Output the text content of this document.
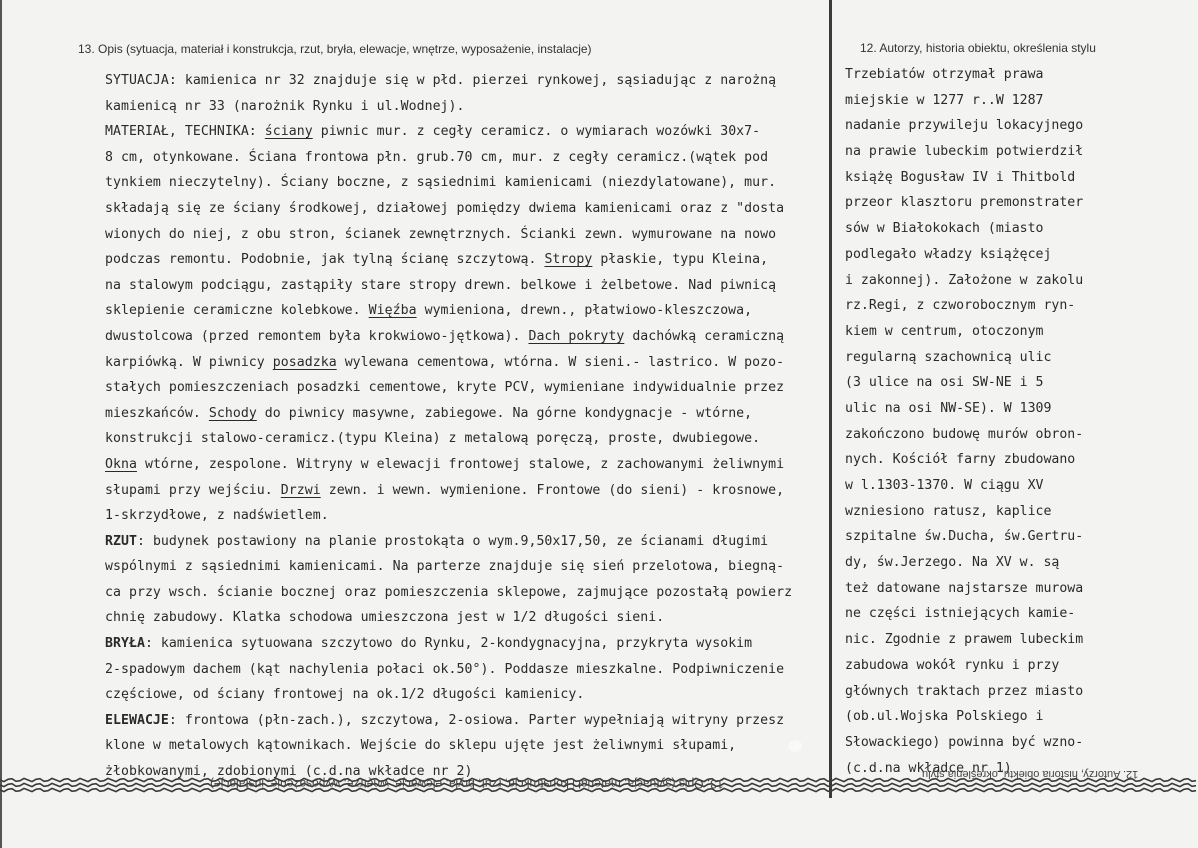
13. Opis (sytuacja, materiał i konstrukcja, rzut, bryła, elewacje, wnętrze, wyposażenie, instalacje)	12. Autorzy, historia obiektu, określenia stylu
SYTUACJA: kamienica nr 32 znajduje się w płd. pierzei rynkowej, sąsiadując z narożną
kamienicą nr 33 (narożnik Rynku i ul.Wodnej).
MATERIAŁ, TECHNIKA: ściany piwnic mur. z cegły ceramicz. o wymiarach wozówki 30x7-
8 cm, otynkowane. Ściana frontowa płn. grub.70 cm, mur. z cegły ceramicz.(wątek pod
tynkiem nieczytelny). Ściany boczne, z sąsiednimi kamienicami (niezdylatowane), mur.
składają się ze ściany środkowej, działowej pomiędzy dwiema kamienicami oraz z "dosta
wionych do niej, z obu stron, ścianek zewnętrznych. Ścianki zewn. wymurowane na nowo
podczas remontu. Podobnie, jak tylną ścianę szczytową. Stropy płaskie, typu Kleina,
na stalowym podciągu, zastąpiły stare stropy drewn. belkowe i żelbetowe. Nad piwnicą
sklepienie ceramiczne kolebkowe. Więźba wymieniona, drewn., płatwiowo-kleszczowa,
dwustolcowa (przed remontem była krokwiowo-jętkowa). Dach pokryty dachówką ceramiczną
karpiówką. W piwnicy posadzka wylewana cementowa, wtórna. W sieni.- lastrico. W pozo-
stałych pomieszczeniach posadzki cementowe, kryte PCV, wymieniane indywidualnie przez
mieszkańców. Schody do piwnicy masywne, zabiegowe. Na górne kondygnacje - wtórne,
konstrukcji stalowo-ceramicz.(typu Kleina) z metalową poręczą, proste, dwubiegowe.
Okna wtórne, zespolone. Witryny w elewacji frontowej stalowe, z zachowanymi żeliwnymi
słupami przy wejściu. Drzwi zewn. i wewn. wymienione. Frontowe (do sieni) - krosnowe,
1-skrzydłowe, z nadświetlem.
RZUT: budynek postawiony na planie prostokąta o wym.9,50x17,50, ze ścianami długimi
wspólnymi z sąsiednimi kamienicami. Na parterze znajduje się sień przelotowa, biegną-
ca przy wsch. ścianie bocznej oraz pomieszczenia sklepowe, zajmujące pozostałą powierz
chnię zabudowy. Klatka schodowa umieszczona jest w 1/2 długości sieni.
BRYŁA: kamienica sytuowana szczytowo do Rynku, 2-kondygnacyjna, przykryta wysokim
2-spadowym dachem (kąt nachylenia połaci ok.50°). Poddasze mieszkalne. Podpiwniczenie
częściowe, od ściany frontowej na ok.1/2 długości kamienicy.
ELEWACJE: frontowa (płn-zach.), szczytowa, 2-osiowa. Parter wypełniają witryny przesz
klone w metalowych kątownikach. Wejście do sklepu ujęte jest żeliwnymi słupami,
żłobkowanymi, zdobionymi (c.d.na wkładce nr 2)
Trzebiatów otrzymał prawa
miejskie w 1277 r..W 1287
nadanie przywileju lokacyjnego
na prawie lubeckim potwierdził
książę Bogusław IV i Thitbold
przeor klasztoru premonstrater
sów w Białokokach (miasto
podlegało władzy książęcej
i zakonnej). Założone w zakolu
rz.Regi, z czworobocznym ryn-
kiem w centrum, otoczonym
regularną szachownicą ulic
(3 ulice na osi SW-NE i 5
ulic na osi NW-SE). W 1309
zakończono budowę murów obron-
nych. Kościół farny zbudowano
w l.1303-1370. W ciągu XV
wzniesiono ratusz, kaplice
szpitalne św.Ducha, św.Gertru-
dy, św.Jerzego. Na XV w. są
też datowane najstarsze murowa
ne części istniejących kamie-
nic. Zgodnie z prawem lubeckim
zabudowa wokół rynku i przy
głównych traktach przez miasto
(ob.ul.Wojska Polskiego i
Słowackiego) powinna być wzno-
(c.d.na wkładce nr 1)
13. Opis (sytuacja, materiał i konstrukcja, rzut, bryła, elewacje, wnętrze, wyposażenie, instalacje)
12. Autorzy, historia obiektu, określenia stylu
